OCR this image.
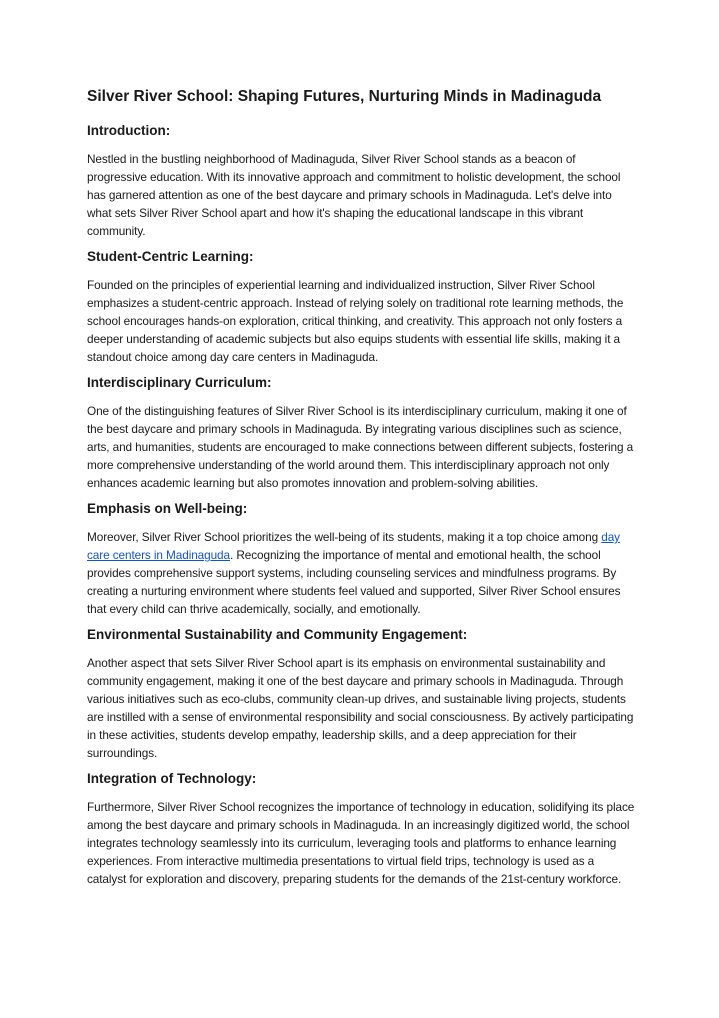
Silver River School: Shaping Futures, Nurturing Minds in Madinaguda
Introduction:

Nestled in the bustling neighborhood of Madinaguda, Silver River School stands as a beacon of progressive education. With its innovative approach and commitment to holistic development, the school has garnered attention as one of the best daycare and primary schools in Madinaguda. Let's delve into what sets Silver River School apart and how it's shaping the educational landscape in this vibrant community.

Student-Centric Learning:

Founded on the principles of experiential learning and individualized instruction, Silver River School emphasizes a student-centric approach. Instead of relying solely on traditional rote learning methods, the school encourages hands-on exploration, critical thinking, and creativity. This approach not only fosters a deeper understanding of academic subjects but also equips students with essential life skills, making it a standout choice among day care centers in Madinaguda.

Interdisciplinary Curriculum:

One of the distinguishing features of Silver River School is its interdisciplinary curriculum, making it one of the best daycare and primary schools in Madinaguda. By integrating various disciplines such as science, arts, and humanities, students are encouraged to make connections between different subjects, fostering a more comprehensive understanding of the world around them. This interdisciplinary approach not only enhances academic learning but also promotes innovation and problem-solving abilities.

Emphasis on Well-being:

Moreover, Silver River School prioritizes the well-being of its students, making it a top choice among day care centers in Madinaguda. Recognizing the importance of mental and emotional health, the school provides comprehensive support systems, including counseling services and mindfulness programs. By creating a nurturing environment where students feel valued and supported, Silver River School ensures that every child can thrive academically, socially, and emotionally.

Environmental Sustainability and Community Engagement:

Another aspect that sets Silver River School apart is its emphasis on environmental sustainability and community engagement, making it one of the best daycare and primary schools in Madinaguda. Through various initiatives such as eco-clubs, community clean-up drives, and sustainable living projects, students are instilled with a sense of environmental responsibility and social consciousness. By actively participating in these activities, students develop empathy, leadership skills, and a deep appreciation for their surroundings.

Integration of Technology:

Furthermore, Silver River School recognizes the importance of technology in education, solidifying its place among the best daycare and primary schools in Madinaguda. In an increasingly digitized world, the school integrates technology seamlessly into its curriculum, leveraging tools and platforms to enhance learning experiences. From interactive multimedia presentations to virtual field trips, technology is used as a catalyst for exploration and discovery, preparing students for the demands of the 21st-century workforce.
